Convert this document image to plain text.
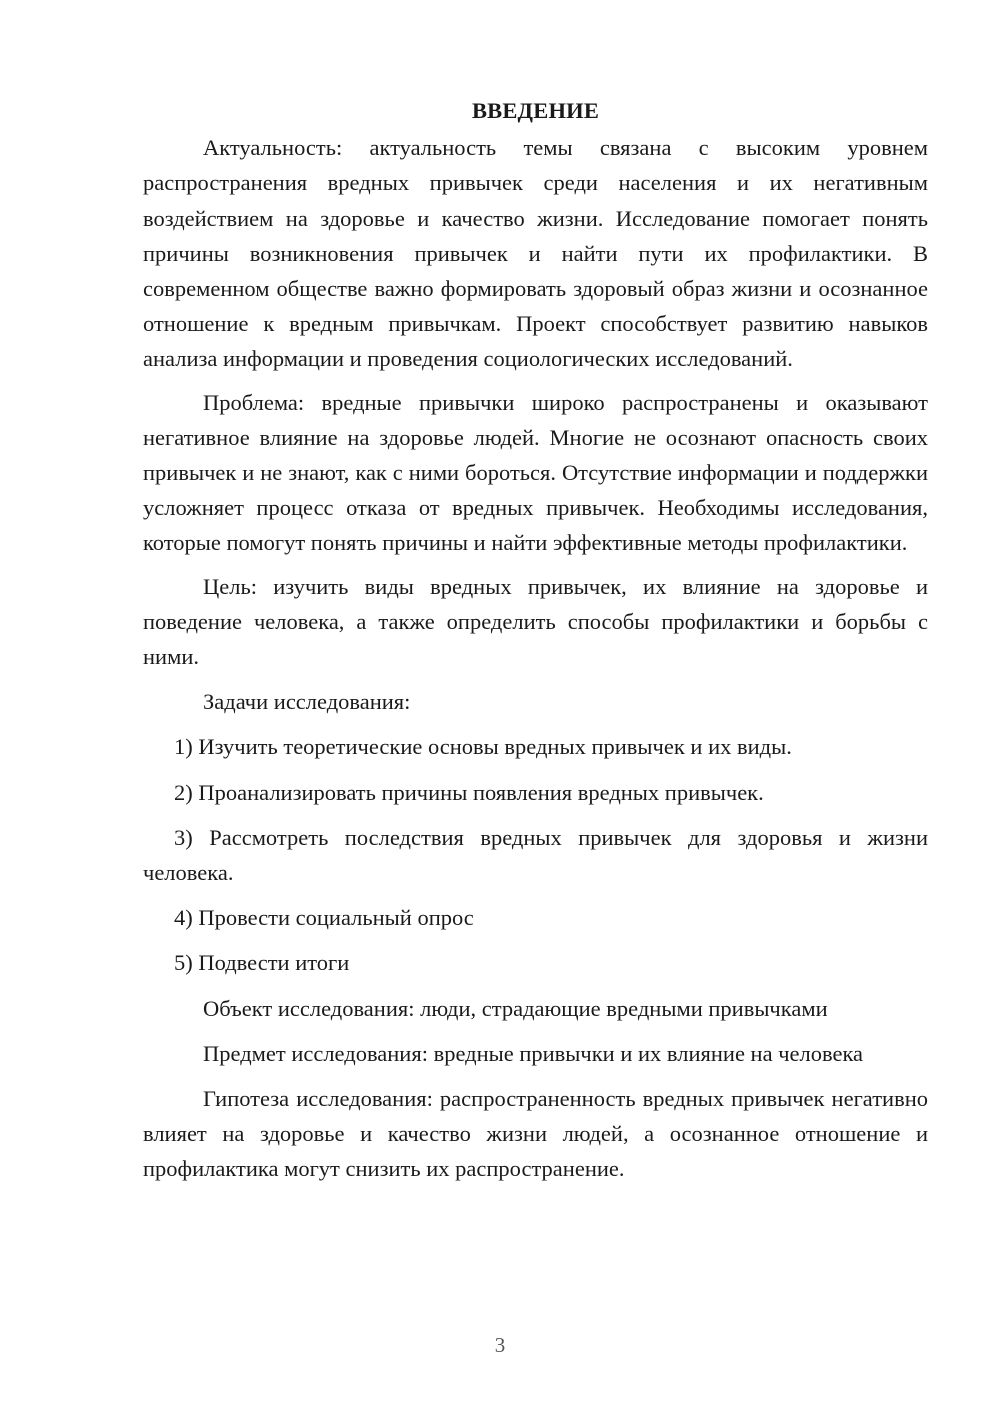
ВВЕДЕНИЕ

Актуальность: актуальность темы связана с высоким уровнем распространения вредных привычек среди населения и их негативным воздействием на здоровье и качество жизни. Исследование помогает понять причины возникновения привычек и найти пути их профилактики. В современном обществе важно формировать здоровый образ жизни и осознанное отношение к вредным привычкам. Проект способствует развитию навыков анализа информации и проведения социологических исследований.

Проблема: вредные привычки широко распространены и оказывают негативное влияние на здоровье людей. Многие не осознают опасность своих привычек и не знают, как с ними бороться. Отсутствие информации и поддержки усложняет процесс отказа от вредных привычек. Необходимы исследования, которые помогут понять причины и найти эффективные методы профилактики.

Цель: изучить виды вредных привычек, их влияние на здоровье и поведение человека, а также определить способы профилактики и борьбы с ними.

Задачи исследования:

1) Изучить теоретические основы вредных привычек и их виды.

2) Проанализировать причины появления вредных привычек.

3) Рассмотреть последствия вредных привычек для здоровья и жизни человека.

4) Провести социальный опрос

5) Подвести итоги

Объект исследования: люди, страдающие вредными привычками

Предмет исследования: вредные привычки и их влияние на человека

Гипотеза исследования: распространенность вредных привычек негативно влияет на здоровье и качество жизни людей, а осознанное отношение и профилактика могут снизить их распространение.

3
